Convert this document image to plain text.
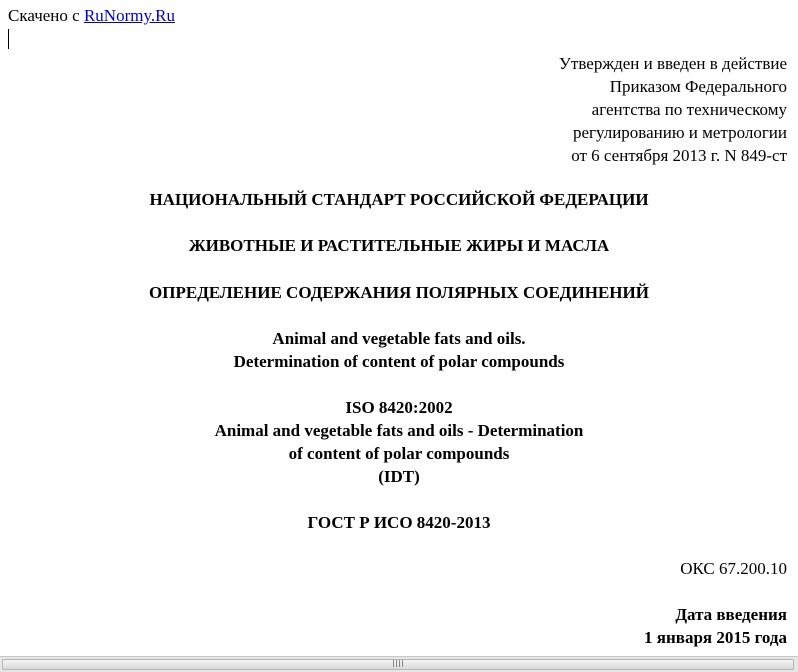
Скачено с RuNormy.Ru
Утвержден и введен в действие
Приказом Федерального
агентства по техническому
регулированию и метрологии
от 6 сентября 2013 г. N 849-ст
НАЦИОНАЛЬНЫЙ СТАНДАРТ РОССИЙСКОЙ ФЕДЕРАЦИИ
ЖИВОТНЫЕ И РАСТИТЕЛЬНЫЕ ЖИРЫ И МАСЛА
ОПРЕДЕЛЕНИЕ СОДЕРЖАНИЯ ПОЛЯРНЫХ СОЕДИНЕНИЙ
Animal and vegetable fats and oils.
Determination of content of polar compounds
ISO 8420:2002
Animal and vegetable fats and oils - Determination
of content of polar compounds
(IDT)
ГОСТ Р ИСО 8420-2013
ОКС 67.200.10
Дата введения
1 января 2015 года
